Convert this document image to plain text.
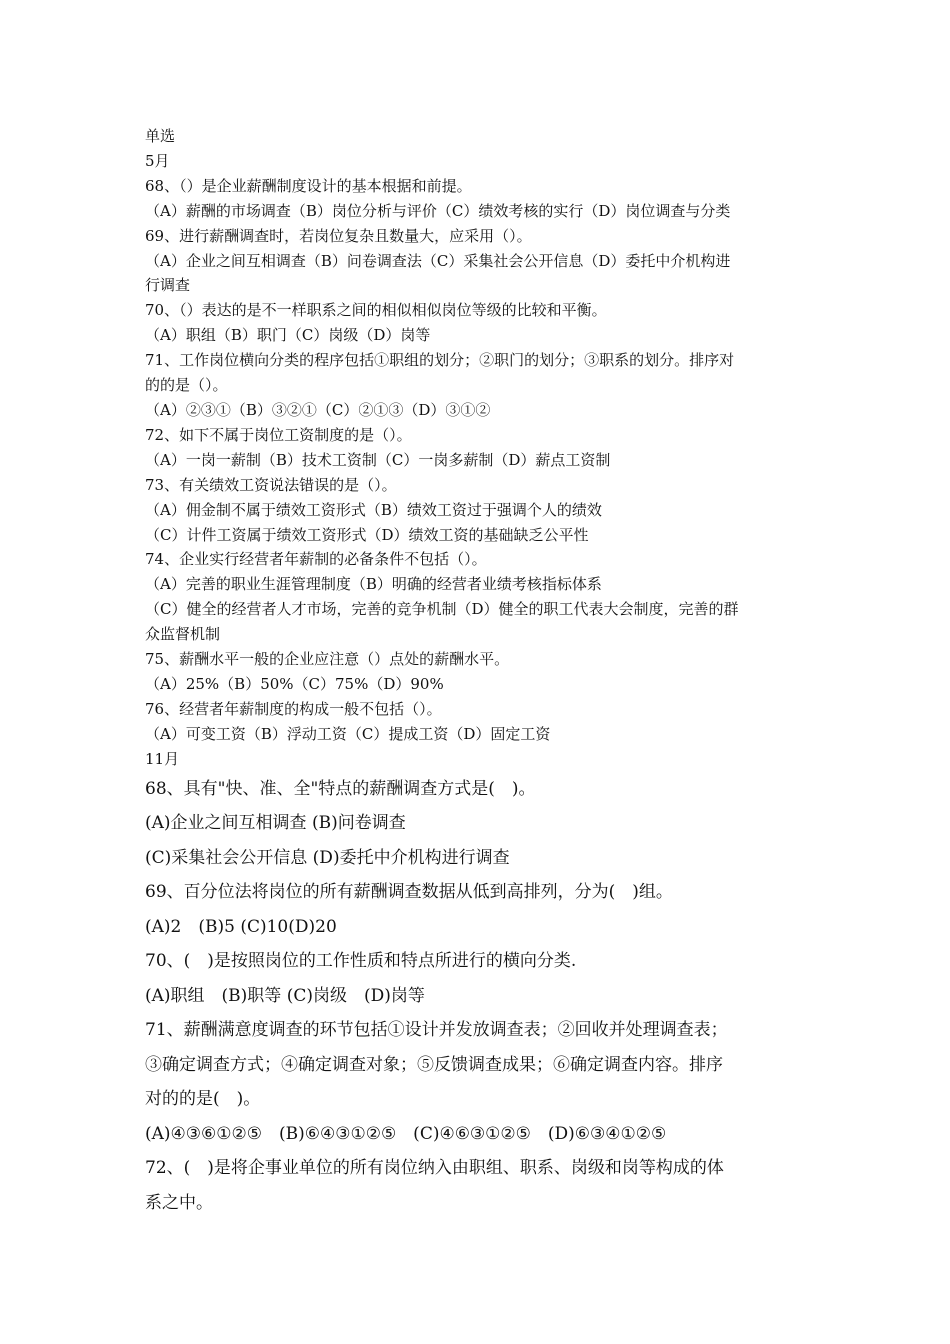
单选
5月
68、（）是企业薪酬制度设计的基本根据和前提。
（A）薪酬的市场调查（B）岗位分析与评价（C）绩效考核的实行（D）岗位调查与分类
69、进行薪酬调查时，若岗位复杂且数量大，应采用（）。
（A）企业之间互相调查（B）问卷调查法（C）采集社会公开信息（D）委托中介机构进
行调查
70、（）表达的是不一样职系之间的相似相似岗位等级的比较和平衡。
（A）职组（B）职门（C）岗级（D）岗等
71、工作岗位横向分类的程序包括①职组的划分；②职门的划分；③职系的划分。排序对
的的是（）。
（A）②③①（B）③②①（C）②①③（D）③①②
72、如下不属于岗位工资制度的是（）。
（A）一岗一薪制（B）技术工资制（C）一岗多薪制（D）薪点工资制
73、有关绩效工资说法错误的是（）。
（A）佣金制不属于绩效工资形式（B）绩效工资过于强调个人的绩效
（C）计件工资属于绩效工资形式（D）绩效工资的基础缺乏公平性
74、企业实行经营者年薪制的必备条件不包括（）。
（A）完善的职业生涯管理制度（B）明确的经营者业绩考核指标体系
（C）健全的经营者人才市场，完善的竞争机制（D）健全的职工代表大会制度，完善的群
众监督机制
75、薪酬水平一般的企业应注意（）点处的薪酬水平。
（A）25%（B）50%（C）75%（D）90%
76、经营者年薪制度的构成一般不包括（）。
（A）可变工资（B）浮动工资（C）提成工资（D）固定工资
11月
68、具有"快、准、全"特点的薪酬调查方式是(　)。
(A)企业之间互相调查 (B)问卷调查
(C)采集社会公开信息 (D)委托中介机构进行调查
69、百分位法将岗位的所有薪酬调查数据从低到高排列，分为(　)组。
(A)2　(B)5 (C)10(D)20
70、(　)是按照岗位的工作性质和特点所进行的横向分类.
(A)职组　(B)职等 (C)岗级　(D)岗等
71、薪酬满意度调查的环节包括①设计并发放调查表；②回收并处理调查表；
③确定调查方式；④确定调查对象；⑤反馈调查成果；⑥确定调查内容。排序
对的的是(　)。
(A)④③⑥①②⑤　(B)⑥④③①②⑤　(C)④⑥③①②⑤　(D)⑥③④①②⑤
72、(　)是将企事业单位的所有岗位纳入由职组、职系、岗级和岗等构成的体
系之中。
